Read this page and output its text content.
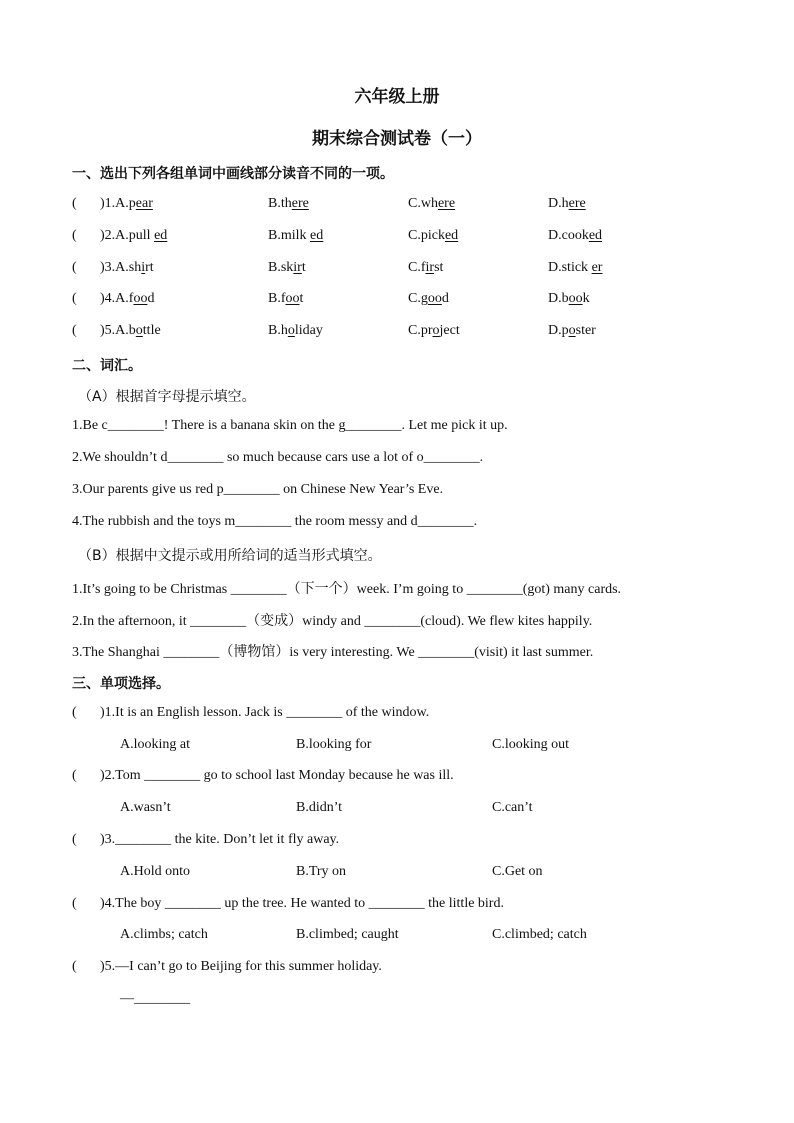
六年级上册
期末综合测试卷（一）
一、选出下列各组单词中画线部分读音不同的一项。
( )1.A.pear	B.there	C.where	D.here
( )2.A.pull ed	B.milk ed	C.picked	D.cooked
( )3.A.shirt	B.skirt	C.first	D.stick er
( )4.A.food	B.foot	C.good	D.book
( )5.A.bottle	B.holiday	C.project	D.poster
二、词汇。
（A）根据首字母提示填空。
1.Be c________! There is a banana skin on the g________. Let me pick it up.
2.We shouldn’t d________ so much because cars use a lot of o________.
3.Our parents give us red p________ on Chinese New Year’s Eve.
4.The rubbish and the toys m________ the room messy and d________.
（B）根据中文提示或用所给词的适当形式填空。
1.It’s going to be Christmas ________（下一个）week. I’m going to ________(got) many cards.
2.In the afternoon, it ________（变成）windy and ________(cloud). We flew kites happily.
3.The Shanghai ________（博物馆）is very interesting. We ________(visit) it last summer.
三、单项选择。
( )1.It is an English lesson. Jack is ________ of the window.
A.looking at	B.looking for	C.looking out
( )2.Tom ________ go to school last Monday because he was ill.
A.wasn’t	B.didn’t	C.can’t
( )3.________ the kite. Don’t let it fly away.
A.Hold onto	B.Try on	C.Get on
( )4.The boy ________ up the tree. He wanted to ________ the little bird.
A.climbs; catch	B.climbed; caught	C.climbed; catch
( )5.—I can’t go to Beijing for this summer holiday.
—________
